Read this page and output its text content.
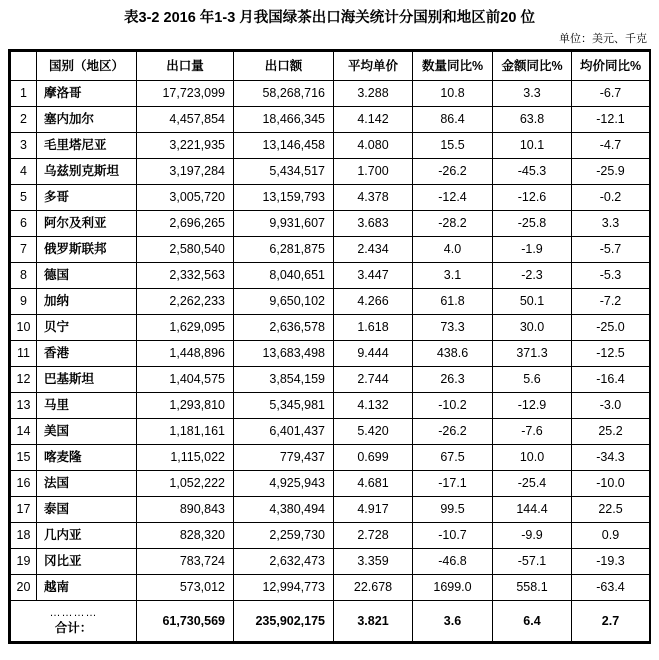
表3-2 2016 年1-3 月我国绿茶出口海关统计分国别和地区前20 位
单位：美元、千克
	国别（地区）	出口量	出口额	平均单价	数量同比%	金额同比%	均价同比%
1	摩洛哥	17,723,099	58,268,716	3.288	10.8	3.3	-6.7
2	塞内加尔	4,457,854	18,466,345	4.142	86.4	63.8	-12.1
3	毛里塔尼亚	3,221,935	13,146,458	4.080	15.5	10.1	-4.7
4	乌兹别克斯坦	3,197,284	5,434,517	1.700	-26.2	-45.3	-25.9
5	多哥	3,005,720	13,159,793	4.378	-12.4	-12.6	-0.2
6	阿尔及利亚	2,696,265	9,931,607	3.683	-28.2	-25.8	3.3
7	俄罗斯联邦	2,580,540	6,281,875	2.434	4.0	-1.9	-5.7
8	德国	2,332,563	8,040,651	3.447	3.1	-2.3	-5.3
9	加纳	2,262,233	9,650,102	4.266	61.8	50.1	-7.2
10	贝宁	1,629,095	2,636,578	1.618	73.3	30.0	-25.0
11	香港	1,448,896	13,683,498	9.444	438.6	371.3	-12.5
12	巴基斯坦	1,404,575	3,854,159	2.744	26.3	5.6	-16.4
13	马里	1,293,810	5,345,981	4.132	-10.2	-12.9	-3.0
14	美国	1,181,161	6,401,437	5.420	-26.2	-7.6	25.2
15	喀麦隆	1,115,022	779,437	0.699	67.5	10.0	-34.3
16	法国	1,052,222	4,925,943	4.681	-17.1	-25.4	-10.0
17	泰国	890,843	4,380,494	4.917	99.5	144.4	22.5
18	几内亚	828,320	2,259,730	2.728	-10.7	-9.9	0.9
19	冈比亚	783,724	2,632,473	3.359	-46.8	-57.1	-19.3
20	越南	573,012	12,994,773	22.678	1699.0	558.1	-63.4

…………
合计：		61,730,569	235,902,175	3.821	3.6	6.4	2.7
